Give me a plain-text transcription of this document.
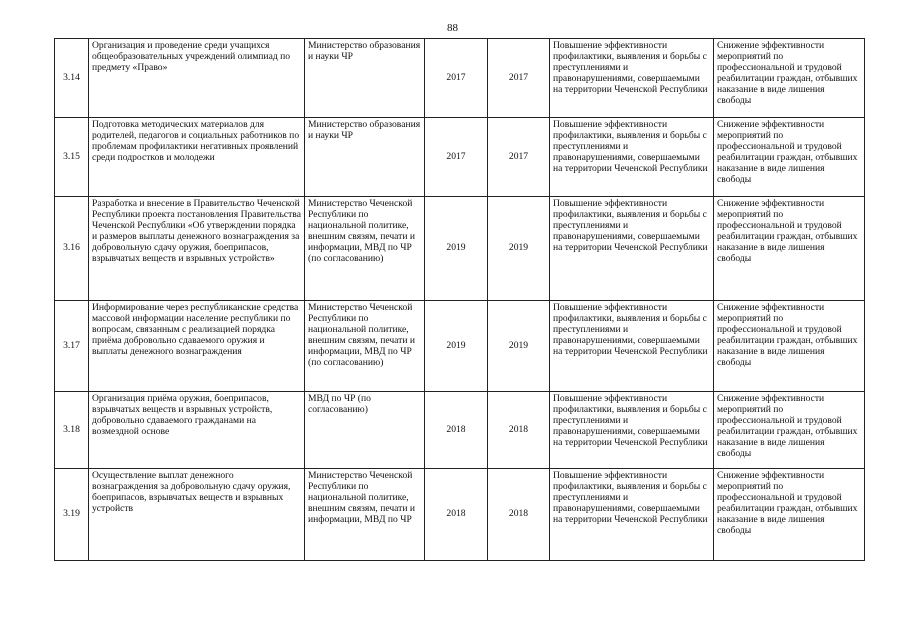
88
3.14	Организация и проведение среди учащихся общеобразовательных учреждений олимпиад по предмету «Право»	Министерство образования и науки ЧР	2017	2017	Повышение эффективности профилактики, выявления и борьбы с преступлениями и правонарушениями, совершаемыми на территории Чеченской Республики	Снижение эффективности мероприятий по профессиональной и трудовой реабилитации граждан, отбывших наказание в виде лишения свободы
3.15	Подготовка методических материалов для родителей, педагогов и социальных работников по проблемам профилактики негативных проявлений среди подростков и молодежи	Министерство образования и науки ЧР	2017	2017	Повышение эффективности профилактики, выявления и борьбы с преступлениями и правонарушениями, совершаемыми на территории Чеченской Республики	Снижение эффективности мероприятий по профессиональной и трудовой реабилитации граждан, отбывших наказание в виде лишения свободы
3.16	Разработка и внесение в Правительство Чеченской Республики проекта постановления Правительства Чеченской Республики «Об утверждении порядка и размеров выплаты денежного вознаграждения за добровольную сдачу оружия, боеприпасов, взрывчатых веществ и взрывных устройств»	Министерство Чеченской Республики по национальной политике, внешним связям, печати и информации, МВД по ЧР (по согласованию)	2019	2019	Повышение эффективности профилактики, выявления и борьбы с преступлениями и правонарушениями, совершаемыми на территории Чеченской Республики	Снижение эффективности мероприятий по профессиональной и трудовой реабилитации граждан, отбывших наказание в виде лишения свободы
3.17	Информирование через республиканские средства массовой информации население республики по вопросам, связанным с реализацией порядка приёма добровольно сдаваемого оружия и выплаты денежного вознаграждения	Министерство Чеченской Республики по национальной политике, внешним связям, печати и информации, МВД по ЧР (по согласованию)	2019	2019	Повышение эффективности профилактики, выявления и борьбы с преступлениями и правонарушениями, совершаемыми на территории Чеченской Республики	Снижение эффективности мероприятий по профессиональной и трудовой реабилитации граждан, отбывших наказание в виде лишения свободы
3.18	Организация приёма оружия, боеприпасов, взрывчатых веществ и взрывных устройств, добровольно сдаваемого гражданами на возмездной основе	МВД по ЧР (по согласованию)	2018	2018	Повышение эффективности профилактики, выявления и борьбы с преступлениями и правонарушениями, совершаемыми на территории Чеченской Республики	Снижение эффективности мероприятий по профессиональной и трудовой реабилитации граждан, отбывших наказание в виде лишения свободы
3.19	Осуществление выплат денежного вознаграждения за добровольную сдачу оружия, боеприпасов, взрывчатых веществ и взрывных устройств	Министерство Чеченской Республики по национальной политике, внешним связям, печати и информации, МВД по ЧР	2018	2018	Повышение эффективности профилактики, выявления и борьбы с преступлениями и правонарушениями, совершаемыми на территории Чеченской Республики	Снижение эффективности мероприятий по профессиональной и трудовой реабилитации граждан, отбывших наказание в виде лишения свободы
